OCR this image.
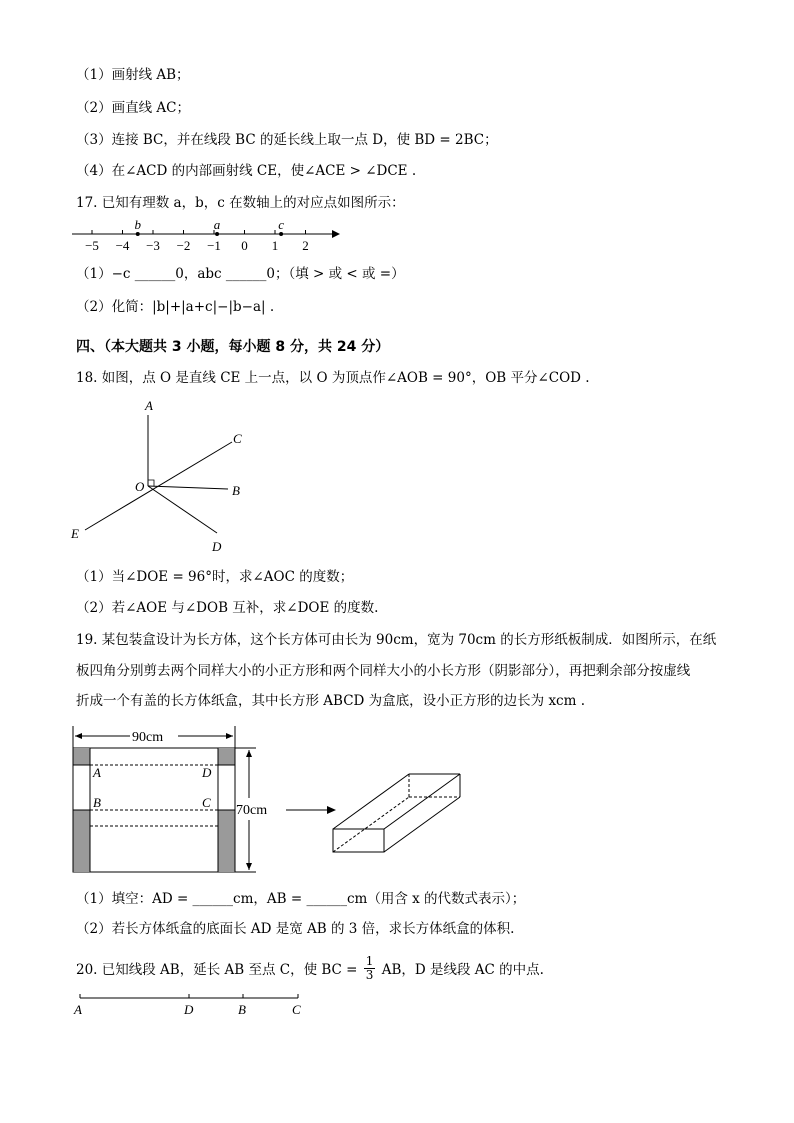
（1）画射线 AB；
（2）画直线 AC；
（3）连接 BC，并在线段 BC 的延长线上取一点 D，使 BD = 2BC；
（4）在∠ACD 的内部画射线 CE，使∠ACE > ∠DCE .
17. 已知有理数 a，b，c 在数轴上的对应点如图所示：
−5 −4 −3 −2 −1 0 1 2
b	a	c
（1）−c ______0，abc ______0；（填 > 或 < 或 =）
（2）化简：|b|+|a+c|−|b−a| .
四、（本大题共 3 小题，每小题 8 分，共 24 分）
18. 如图，点 O 是直线 CE 上一点，以 O 为顶点作∠AOB = 90°，OB 平分∠COD .
A
C
O	B
E
D
（1）当∠DOE = 96°时，求∠AOC 的度数；
（2）若∠AOE 与∠DOB 互补，求∠DOE 的度数.
19. 某包装盒设计为长方体，这个长方体可由长为 90cm，宽为 70cm 的长方形纸板制成．如图所示，在纸
板四角分别剪去两个同样大小的小正方形和两个同样大小的小长方形（阴影部分），再把剩余部分按虚线
折成一个有盖的长方体纸盒，其中长方形 ABCD 为盒底，设小正方形的边长为 xcm .
90cm
A	D
B	C
70cm
（1）填空：AD = ______cm，AB = ______cm（用含 x 的代数式表示）；
（2）若长方体纸盒的底面长 AD 是宽 AB 的 3 倍，求长方体纸盒的体积.
20. 已知线段 AB，延长 AB 至点 C，使 BC = $\frac{1}{3}$ AB，D 是线段 AC 的中点.
A	D	B	C
